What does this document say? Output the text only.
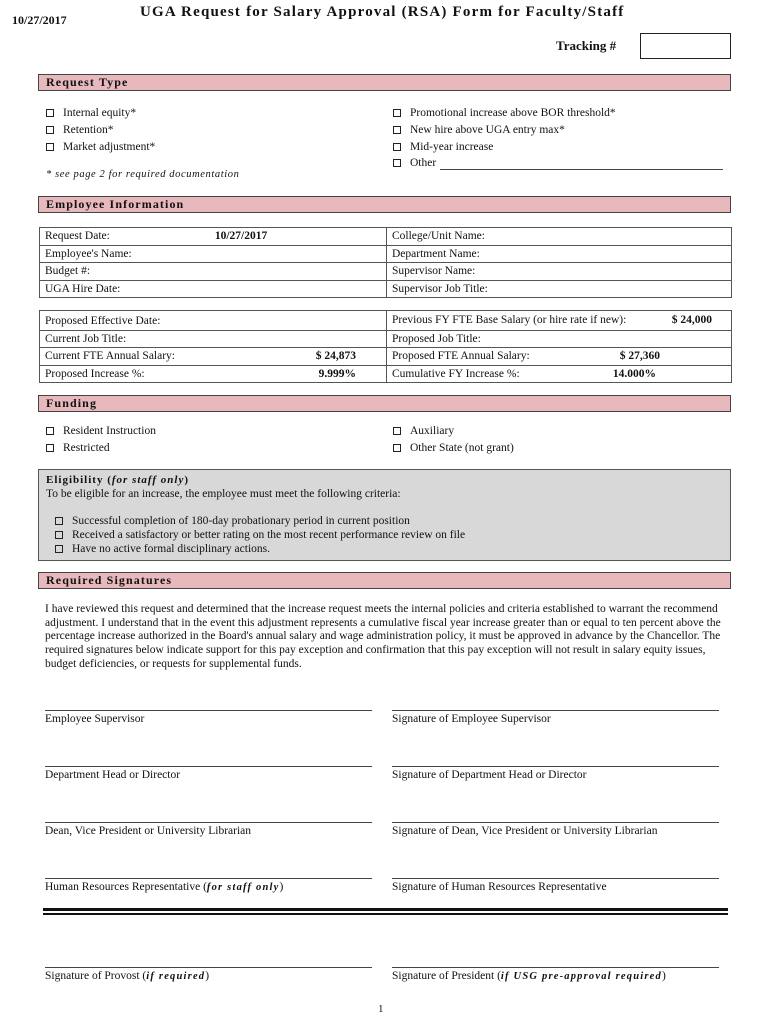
10/27/2017	UGA Request for Salary Approval (RSA) Form for Faculty/Staff
Tracking #
Request Type
Internal equity*
Retention*
Market adjustment*
Promotional increase above BOR threshold*
New hire above UGA entry max*
Mid-year increase
Other
* see page 2 for required documentation
Employee Information
Request Date: 10/27/2017	College/Unit Name:
Employee's Name:	Department Name:
Budget #:	Supervisor Name:
UGA Hire Date:	Supervisor Job Title:
Proposed Effective Date:	Previous FY FTE Base Salary (or hire rate if new): $ 24,000

Current Job Title:	Proposed Job Title:
Current FTE Annual Salary: $ 24,873	Proposed FTE Annual Salary: $ 27,360

Proposed Increase %: 9.999%	Cumulative FY Increase %: 14.000%
Funding
Resident Instruction
Restricted
Auxiliary
Other State (not grant)
Eligibility (for staff only)
To be eligible for an increase, the employee must meet the following criteria:
Successful completion of 180-day probationary period in current position
Received a satisfactory or better rating on the most recent performance review on file
Have no active formal disciplinary actions.
Required Signatures
I have reviewed this request and determined that the increase request meets the internal policies and criteria established to warrant the recommend adjustment. I understand that in the event this adjustment represents a cumulative fiscal year increase greater than or equal to ten percent above the percentage increase authorized in the Board's annual salary and wage administration policy, it must be approved in advance by the Chancellor. The required signatures below indicate support for this pay exception and confirmation that this pay exception will not result in salary equity issues, budget deficiencies, or requests for supplemental funds.
Employee Supervisor	Signature of Employee Supervisor
Department Head or Director	Signature of Department Head or Director
Dean, Vice President or University Librarian	Signature of Dean, Vice President or University Librarian
Human Resources Representative (for staff only)	Signature of Human Resources Representative
Signature of Provost (if required)	Signature of President (if USG pre-approval required)
1
